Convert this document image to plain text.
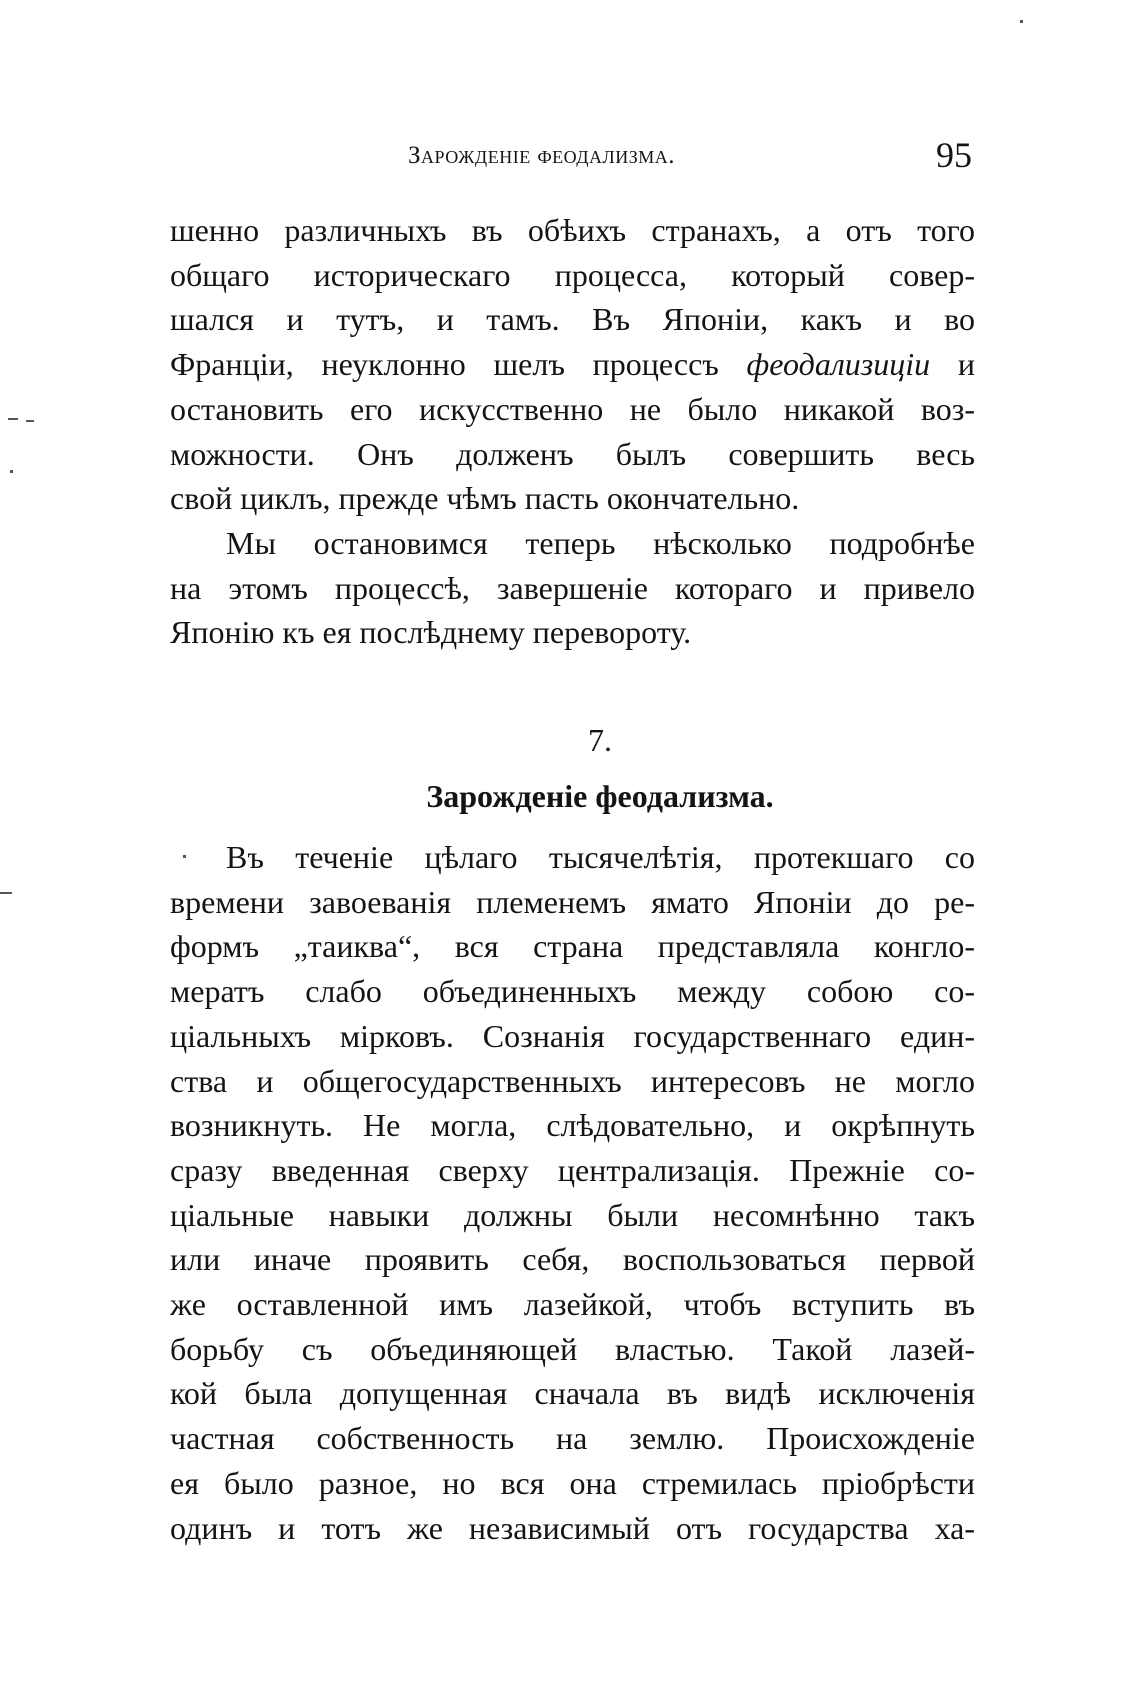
Зарожденіе феодализма.	95
шенно различныхъ въ обѣихъ странахъ, а отъ того
общаго историческаго процесса, который совер-
шался и тутъ, и тамъ. Въ Японіи, какъ и во
Франціи, неуклонно шелъ процессъ феодализиціи и
остановить его искусственно не было никакой воз-
можности. Онъ долженъ былъ совершить весь
свой циклъ, прежде чѣмъ пасть окончательно.
Мы остановимся теперь нѣсколько подробнѣе
на этомъ процессѣ, завершеніе котораго и привело
Японію къ ея послѣднему перевороту.
7.
Зарожденіе феодализма.
Въ теченіе цѣлаго тысячелѣтія, протекшаго со
времени завоеванія племенемъ ямато Японіи до ре-
формъ „таиква“, вся страна представляла конгло-
мератъ слабо объединенныхъ между собою со-
ціальныхъ мірковъ. Сознанія государственнаго един-
ства и общегосударственныхъ интересовъ не могло
возникнуть. Не могла, слѣдовательно, и окрѣпнуть
сразу введенная сверху централизація. Прежніе со-
ціальные навыки должны были несомнѣнно такъ
или иначе проявить себя, воспользоваться первой
же оставленной имъ лазейкой, чтобъ вступить въ
борьбу съ объединяющей властью. Такой лазей-
кой была допущенная сначала въ видѣ исключенія
частная собственность на землю. Происхожденіе
ея было разное, но вся она стремилась пріобрѣсти
одинъ и тотъ же независимый отъ государства ха-
